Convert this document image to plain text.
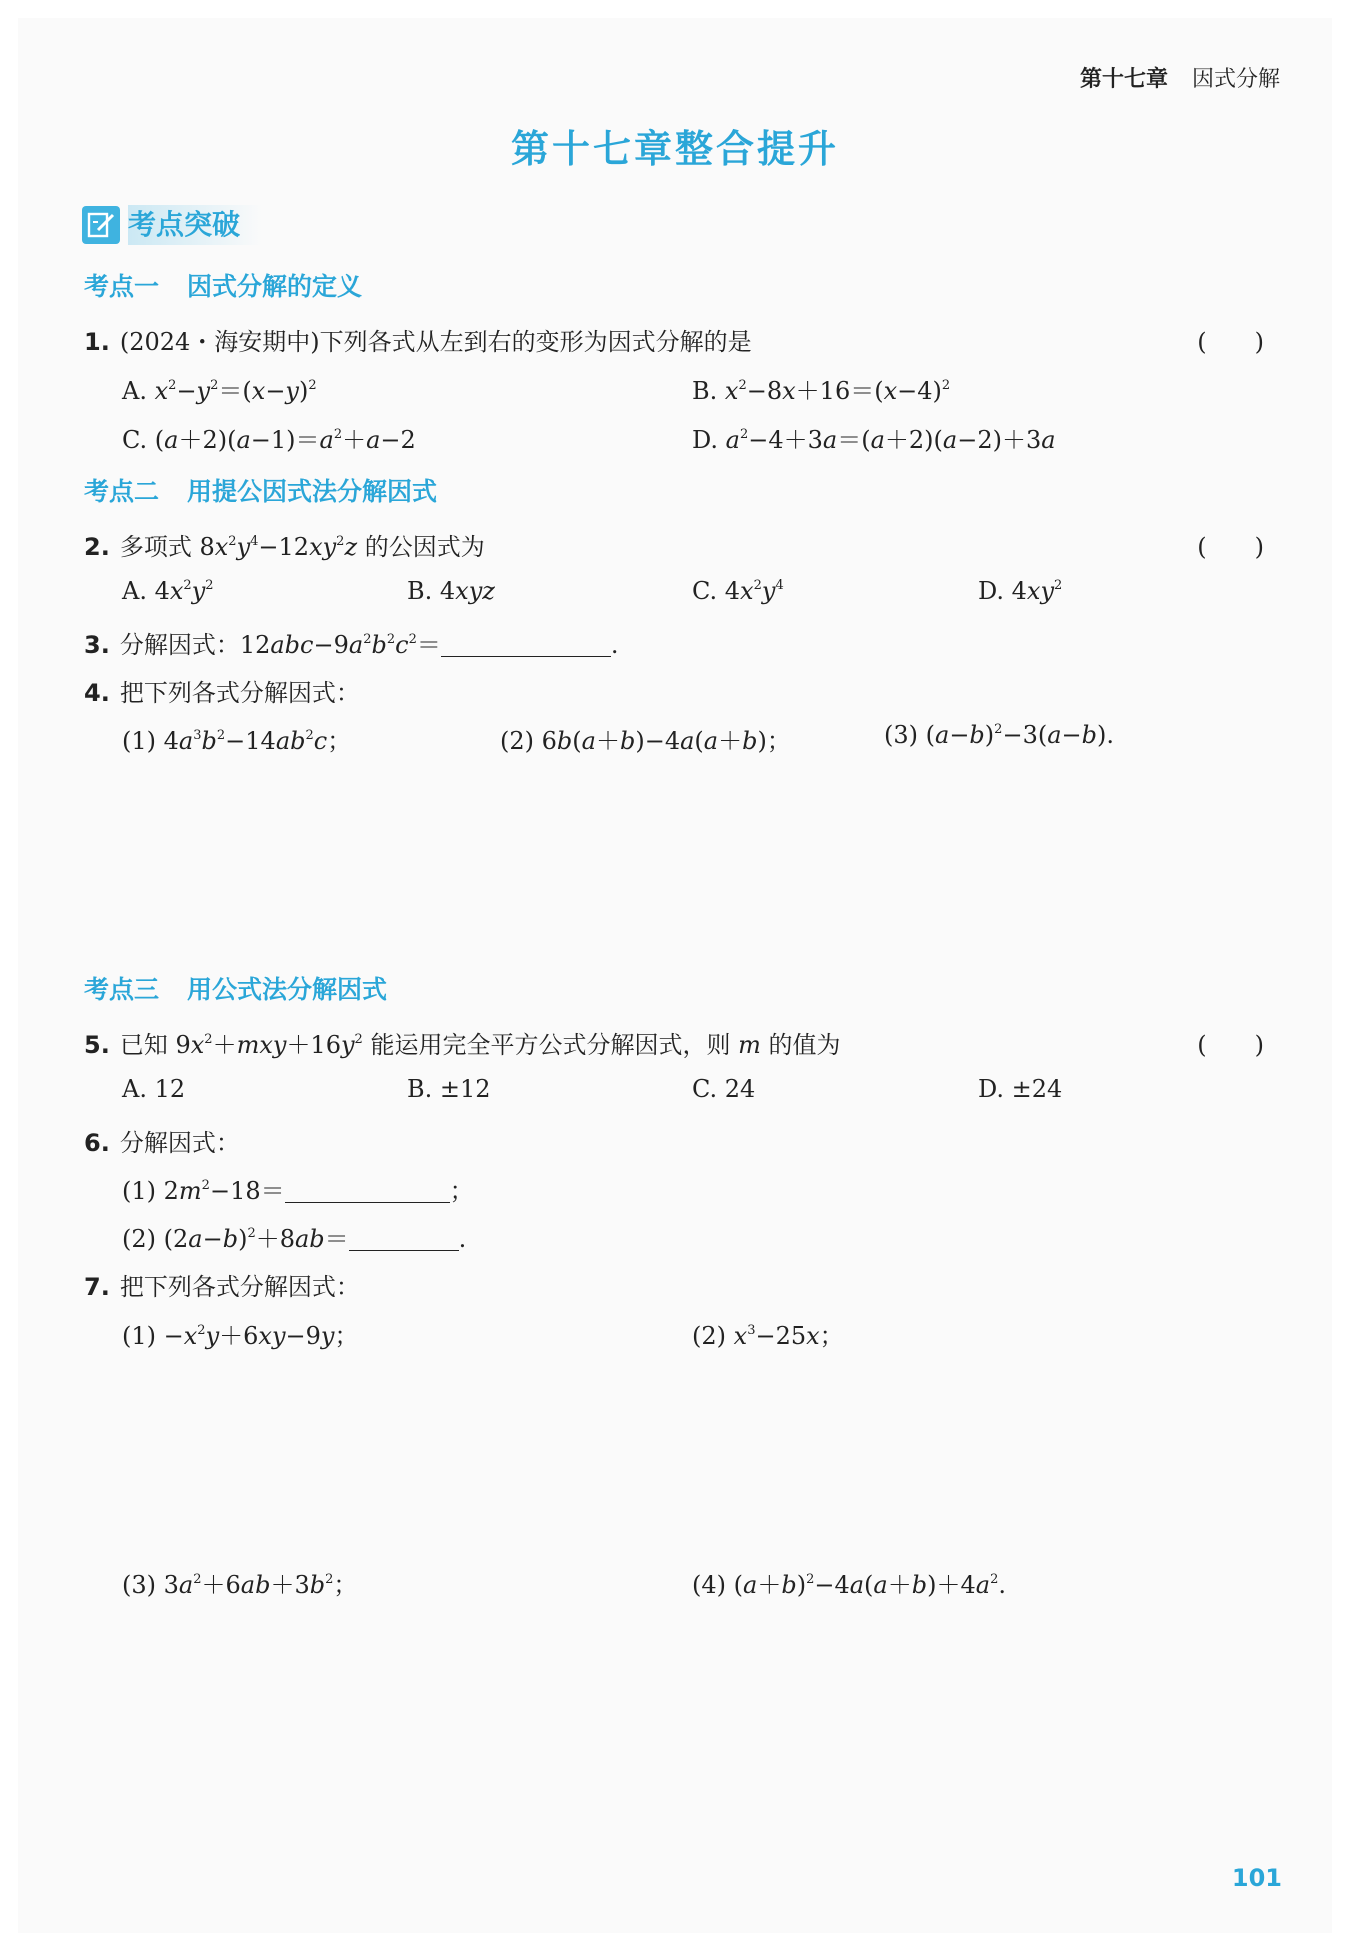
第十七章 因式分解
第十七章整合提升
考点突破
考点一 因式分解的定义
1. (2024・海安期中)下列各式从左到右的变形为因式分解的是	(　　)
A. $x^2-y^2=(x-y)^2$	B. $x^2-8x+16=(x-4)^2$
C. $(a+2)(a-1)=a^2+a-2$	D. $a^2-4+3a=(a+2)(a-2)+3a$
考点二 用提公因式法分解因式
2. 多项式 $8x^2y^4-12xy^2z$ 的公因式为	(　　)
A. $4x^2y^2$	B. 4xyz	C. $4x^2y^4$	D. $4xy^2$
3. 分解因式：$12abc-9a^2b^2c^2=$	.
4. 把下列各式分解因式：
(1) $4a^3b^2-14ab^2c$；	(2) 6b(a＋b)−4a(a＋b)；	(3) $(a-b)^2-3(a-b)$.
考点三 用公式法分解因式
5. 已知 $9x^2+mxy+16y^2$ 能运用完全平方公式分解因式，则 m 的值为	(　　)
A. 12	B. ±12	C. 24	D. ±24
6. 分解因式：
(1) $2m^2-18=$	；
(2) $(2a-b)^2+8ab=$	.
7. 把下列各式分解因式：
$(1) -x^2y+6xy-9y$；	(2) $x^3-25x$；
(3) $3a^2+6ab+3b^2$；	(4) $(a+b)^2-4a(a+b)+4a^2$.
101
